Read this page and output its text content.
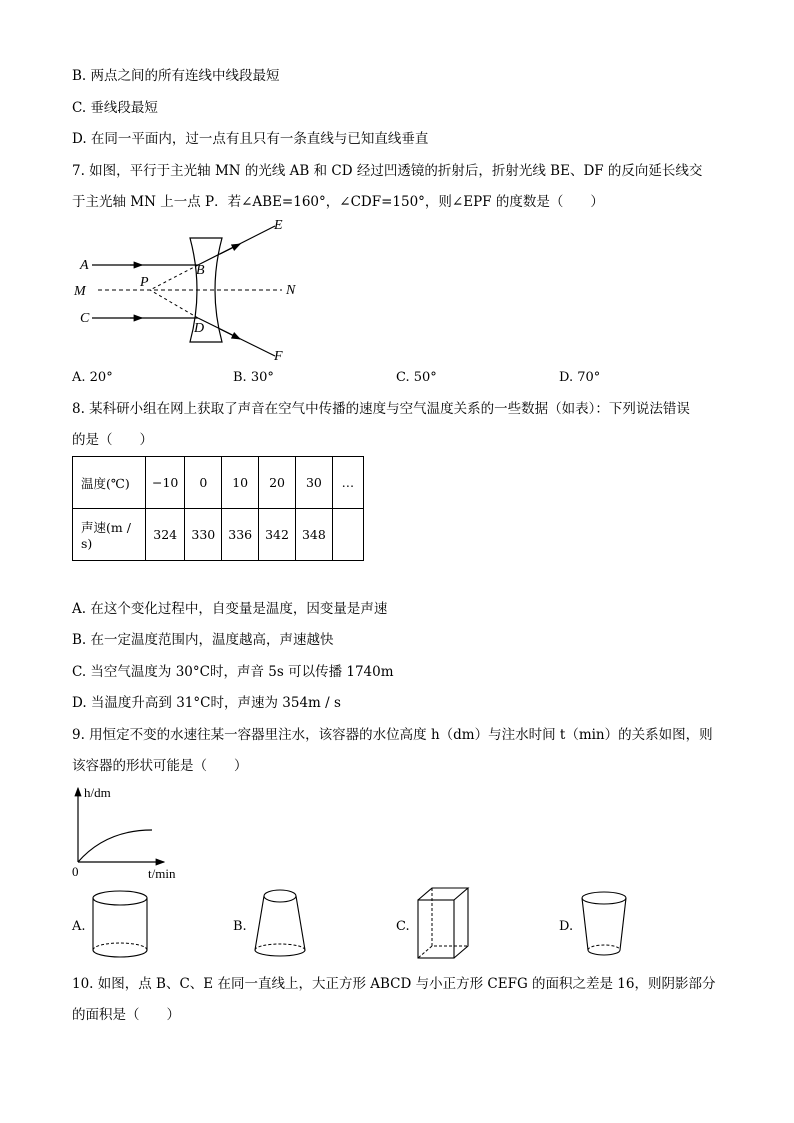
B. 两点之间的所有连线中线段最短
C. 垂线段最短
D. 在同一平面内，过一点有且只有一条直线与已知直线垂直
7. 如图，平行于主光轴 MN 的光线 AB 和 CD 经过凹透镜的折射后，折射光线 BE、DF 的反向延长线交
于主光轴 MN 上一点 P．若∠ABE=160°，∠CDF=150°，则∠EPF 的度数是（　　）
A
M
C
P
B
D
E
N
F
A. 20°	B. 30°	C. 50°	D. 70°
8. 某科研小组在网上获取了声音在空气中传播的速度与空气温度关系的一些数据（如表）：下列说法错误
的是（　　）
温度(℃)	−10	0	10	20	30	…
声速(m / s)	324	330	336	342	348	
A. 在这个变化过程中，自变量是温度，因变量是声速
B. 在一定温度范围内，温度越高，声速越快
C. 当空气温度为 30°C时，声音 5s 可以传播 1740m
D. 当温度升高到 31°C时，声速为 354m / s
9. 用恒定不变的水速往某一容器里注水，该容器的水位高度 h（dm）与注水时间 t（min）的关系如图，则
该容器的形状可能是（　　）
h/dm
0	t/min
A.	B.	C.	D.
10. 如图，点 B、C、E 在同一直线上，大正方形 ABCD 与小正方形 CEFG 的面积之差是 16，则阴影部分
的面积是（　　）
